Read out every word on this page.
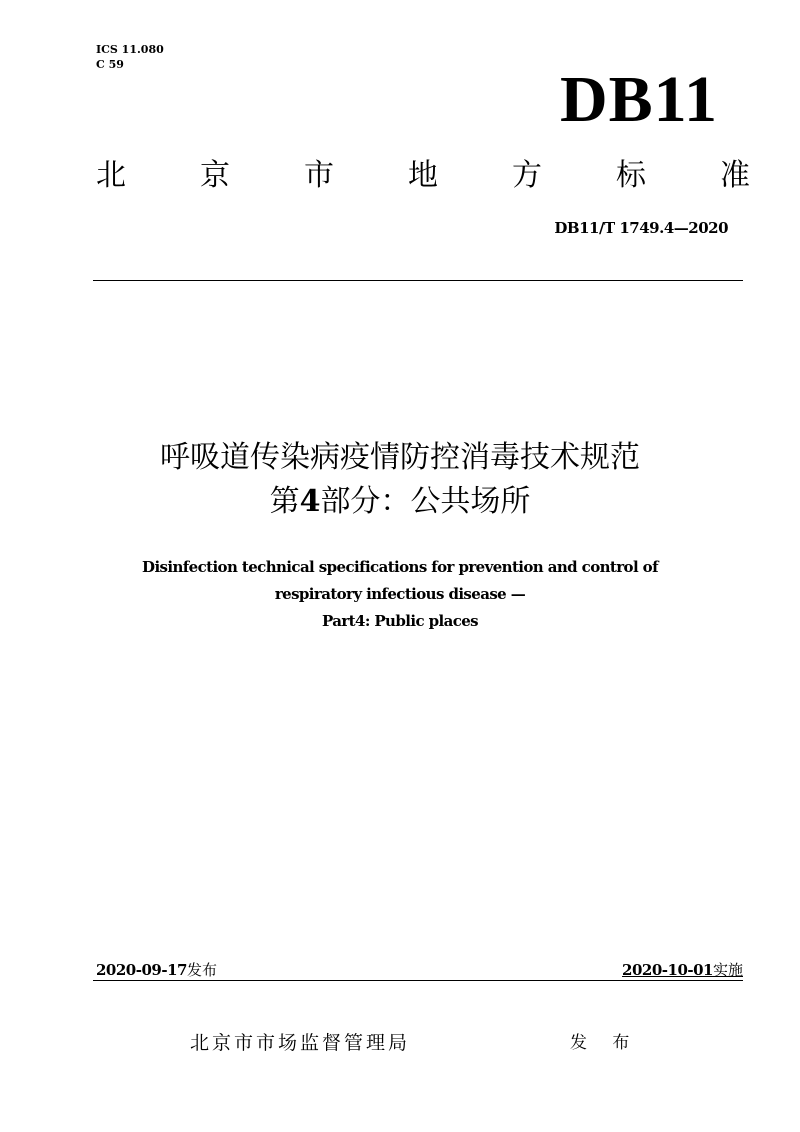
ICS 11.080
C 59	DB11
北 京 市 地 方 标 准
DB11/T 1749.4—2020
呼吸道传染病疫情防控消毒技术规范
第4部分：公共场所
Disinfection technical specifications for prevention and control of
respiratory infectious disease —
Part4: Public places
2020-09-17发布	2020-10-01实施
北京市市场监督管理局	发 布
